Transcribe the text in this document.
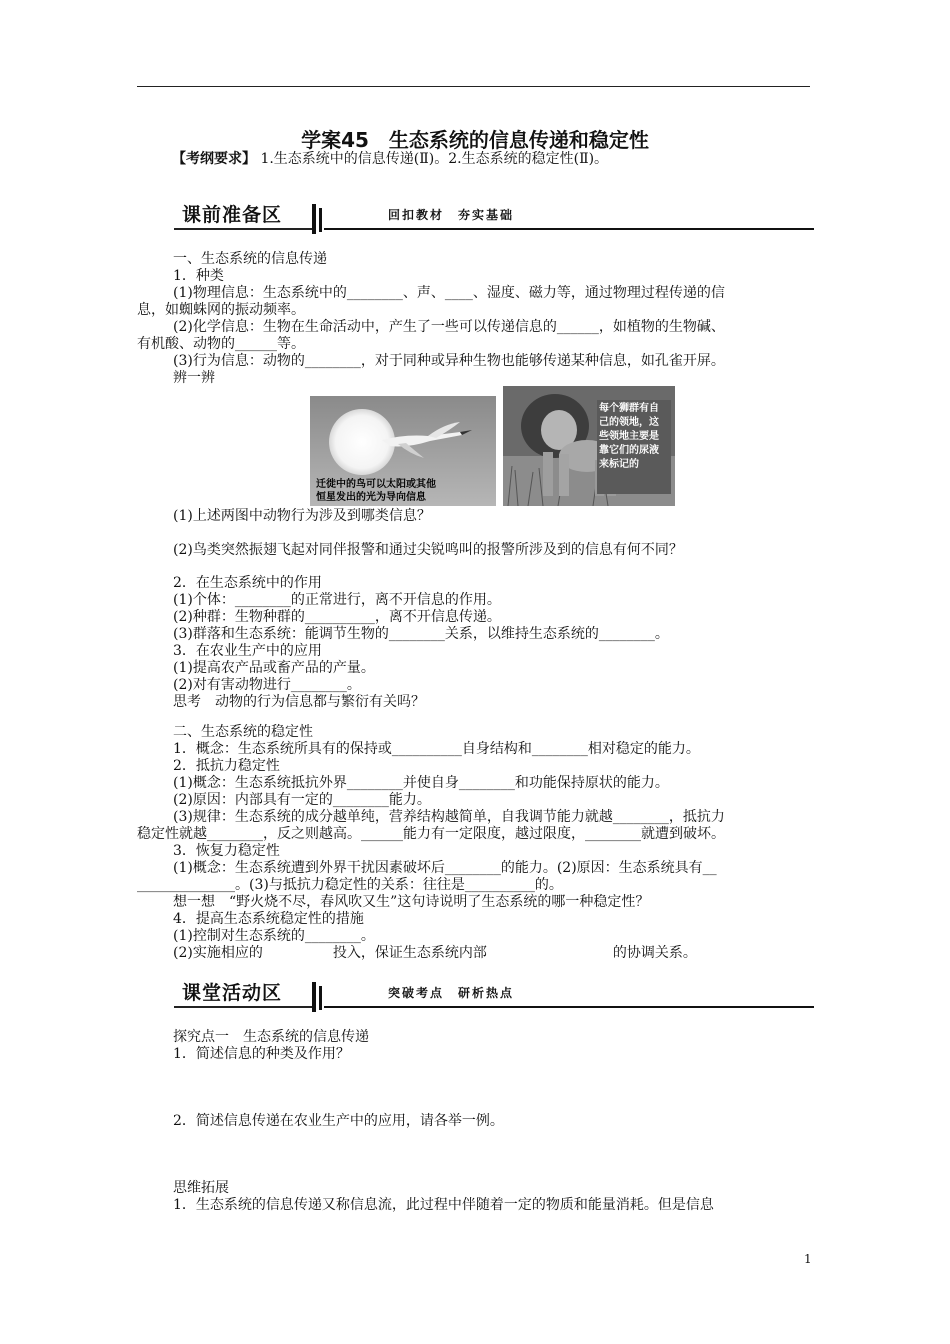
学案45　生态系统的信息传递和稳定性
【考纲要求】 1.生态系统中的信息传递(Ⅱ)。2.生态系统的稳定性(Ⅱ)。
课前准备区	回扣教材　夯实基础
一、生态系统的信息传递
1．种类
(1)物理信息：生态系统中的________、声、____、湿度、磁力等，通过物理过程传递的信
息，如蜘蛛网的振动频率。
(2)化学信息：生物在生命活动中，产生了一些可以传递信息的______，如植物的生物碱、
有机酸、动物的______等。
(3)行为信息：动物的________，对于同种或异种生物也能够传递某种信息，如孔雀开屏。
辨一辨
迁徙中的鸟可以太阳或其他
恒星发出的光为导向信息
每个狮群有自
己的领地，这
些领地主要是
靠它们的尿液
来标记的
(1)上述两图中动物行为涉及到哪类信息？
(2)鸟类突然振翅飞起对同伴报警和通过尖锐鸣叫的报警所涉及到的信息有何不同？
2．在生态系统中的作用
(1)个体：________的正常进行，离不开信息的作用。
(2)种群：生物种群的__________，离不开信息传递。
(3)群落和生态系统：能调节生物的________关系，以维持生态系统的________。
3．在农业生产中的应用
(1)提高农产品或畜产品的产量。
(2)对有害动物进行________。
思考　动物的行为信息都与繁衍有关吗？
二、生态系统的稳定性
1．概念：生态系统所具有的保持或__________自身结构和________相对稳定的能力。
2．抵抗力稳定性
(1)概念：生态系统抵抗外界________并使自身________和功能保持原状的能力。
(2)原因：内部具有一定的________能力。
(3)规律：生态系统的成分越单纯，营养结构越简单，自我调节能力就越________，抵抗力
稳定性就越________，反之则越高。______能力有一定限度，越过限度，________就遭到破坏。
3．恢复力稳定性
(1)概念：生态系统遭到外界干扰因素破坏后________的能力。(2)原因：生态系统具有__
______________。(3)与抵抗力稳定性的关系：往往是__________的。
想一想　“野火烧不尽，春风吹又生”这句诗说明了生态系统的哪一种稳定性？
4．提高生态系统稳定性的措施
(1)控制对生态系统的________。
(2)实施相应的　　　　　投入，保证生态系统内部　　　　　　　　　的协调关系。
课堂活动区	突破考点　研析热点
探究点一　生态系统的信息传递
1．简述信息的种类及作用？
2．简述信息传递在农业生产中的应用，请各举一例。
思维拓展
1．生态系统的信息传递又称信息流，此过程中伴随着一定的物质和能量消耗。但是信息
1
